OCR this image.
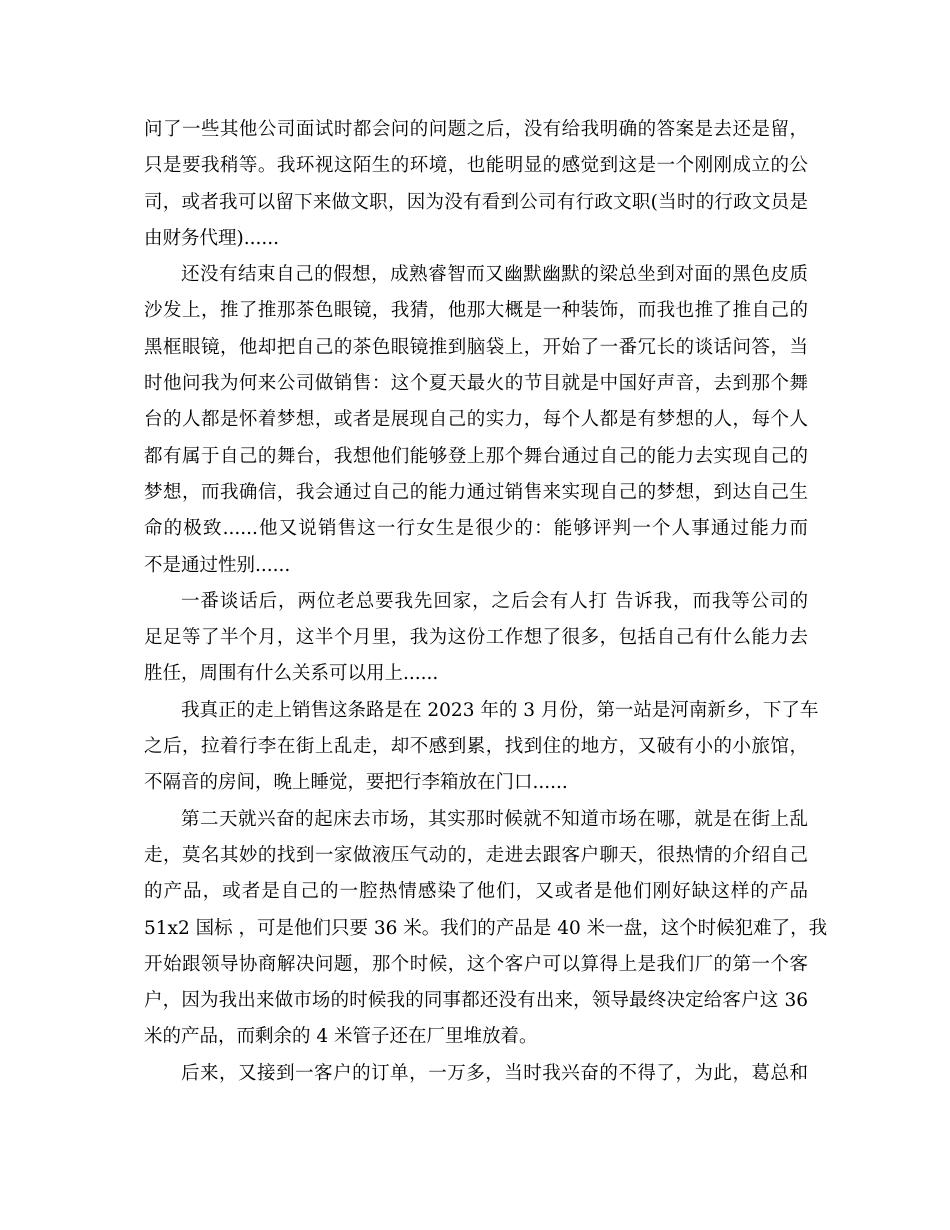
问了一些其他公司面试时都会问的问题之后，没有给我明确的答案是去还是留，
只是要我稍等。我环视这陌生的环境，也能明显的感觉到这是一个刚刚成立的公
司，或者我可以留下来做文职，因为没有看到公司有行政文职(当时的行政文员是
由财务代理)......
还没有结束自己的假想，成熟睿智而又幽默幽默的梁总坐到对面的黑色皮质
沙发上，推了推那茶色眼镜，我猜，他那大概是一种装饰，而我也推了推自己的
黑框眼镜，他却把自己的茶色眼镜推到脑袋上，开始了一番冗长的谈话问答，当
时他问我为何来公司做销售：这个夏天最火的节目就是中国好声音，去到那个舞
台的人都是怀着梦想，或者是展现自己的实力，每个人都是有梦想的人，每个人
都有属于自己的舞台，我想他们能够登上那个舞台通过自己的能力去实现自己的
梦想，而我确信，我会通过自己的能力通过销售来实现自己的梦想，到达自己生
命的极致......他又说销售这一行女生是很少的：能够评判一个人事通过能力而
不是通过性别......
一番谈话后，两位老总要我先回家，之后会有人打 告诉我，而我等公司的
足足等了半个月，这半个月里，我为这份工作想了很多，包括自己有什么能力去
胜任，周围有什么关系可以用上......
我真正的走上销售这条路是在 2023 年的 3 月份，第一站是河南新乡，下了车
之后，拉着行李在街上乱走，却不感到累，找到住的地方，又破有小的小旅馆，
不隔音的房间，晚上睡觉，要把行李箱放在门口......
第二天就兴奋的起床去市场，其实那时候就不知道市场在哪，就是在街上乱
走，莫名其妙的找到一家做液压气动的，走进去跟客户聊天，很热情的介绍自己
的产品，或者是自己的一腔热情感染了他们，又或者是他们刚好缺这样的产品
51x2 国标 ，可是他们只要 36 米。我们的产品是 40 米一盘，这个时候犯难了，我
开始跟领导协商解决问题，那个时候，这个客户可以算得上是我们厂的第一个客
户，因为我出来做市场的时候我的同事都还没有出来，领导最终决定给客户这 36
米的产品，而剩余的 4 米管子还在厂里堆放着。
后来，又接到一客户的订单，一万多，当时我兴奋的不得了，为此，葛总和
